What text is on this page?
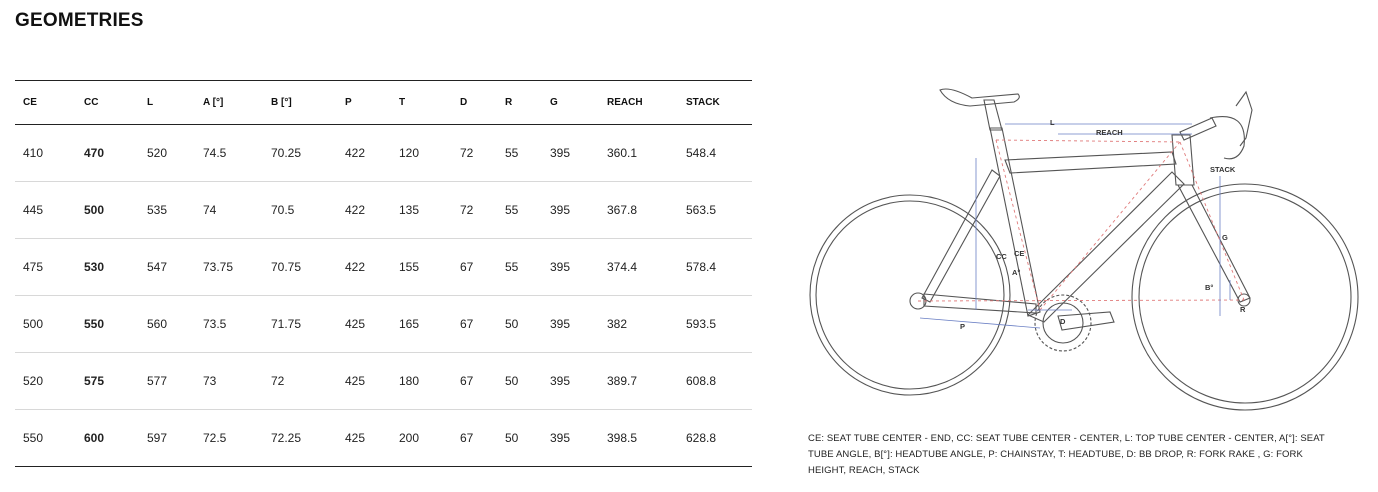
GEOMETRIES
CE	CC	L	A [°]	B [°]	P	T	D	R	G	REACH	STACK
410	470	520	74.5	70.25	422	120	72	55	395	360.1	548.4
445	500	535	74	70.5	422	135	72	55	395	367.8	563.5
475	530	547	73.75	70.75	422	155	67	55	395	374.4	578.4
500	550	560	73.5	71.75	425	165	67	50	395	382	593.5
520	575	577	73	72	425	180	67	50	395	389.7	608.8
550	600	597	72.5	72.25	425	200	67	50	395	398.5	628.8
L
REACH
STACK
CE
CC
A°
B°
G
D
P
R
CE: SEAT TUBE CENTER - END, CC: SEAT TUBE CENTER - CENTER, L: TOP TUBE CENTER - CENTER, A[°]: SEAT TUBE ANGLE, B[°]: HEADTUBE ANGLE, P: CHAINSTAY, T: HEADTUBE, D: BB DROP, R: FORK RAKE , G: FORK HEIGHT, REACH, STACK
